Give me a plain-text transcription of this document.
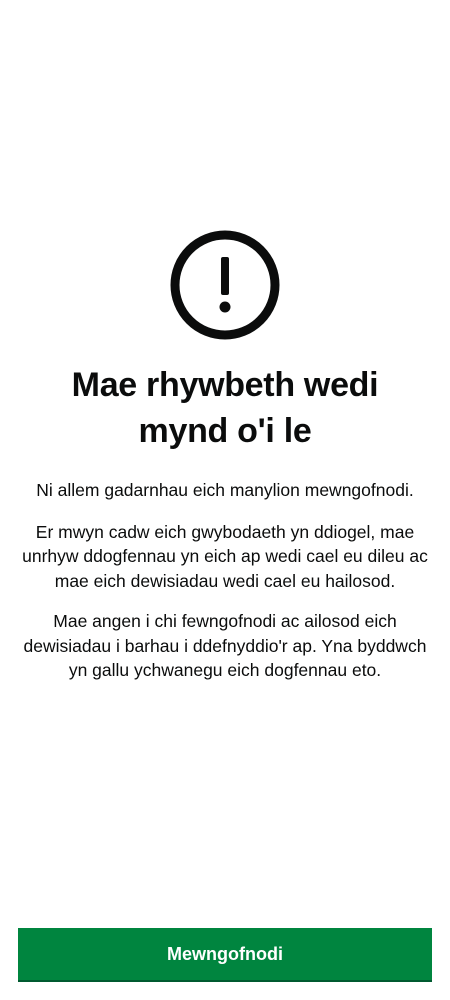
Mae rhywbeth wedi mynd o'i le

Ni allem gadarnhau eich manylion mewngofnodi.

Er mwyn cadw eich gwybodaeth yn ddiogel, mae unrhyw ddogfennau yn eich ap wedi cael eu dileu ac mae eich dewisiadau wedi cael eu hailosod.

Mae angen i chi fewngofnodi ac ailosod eich dewisiadau i barhau i ddefnyddio'r ap. Yna byddwch yn gallu ychwanegu eich dogfennau eto.

Mewngofnodi
